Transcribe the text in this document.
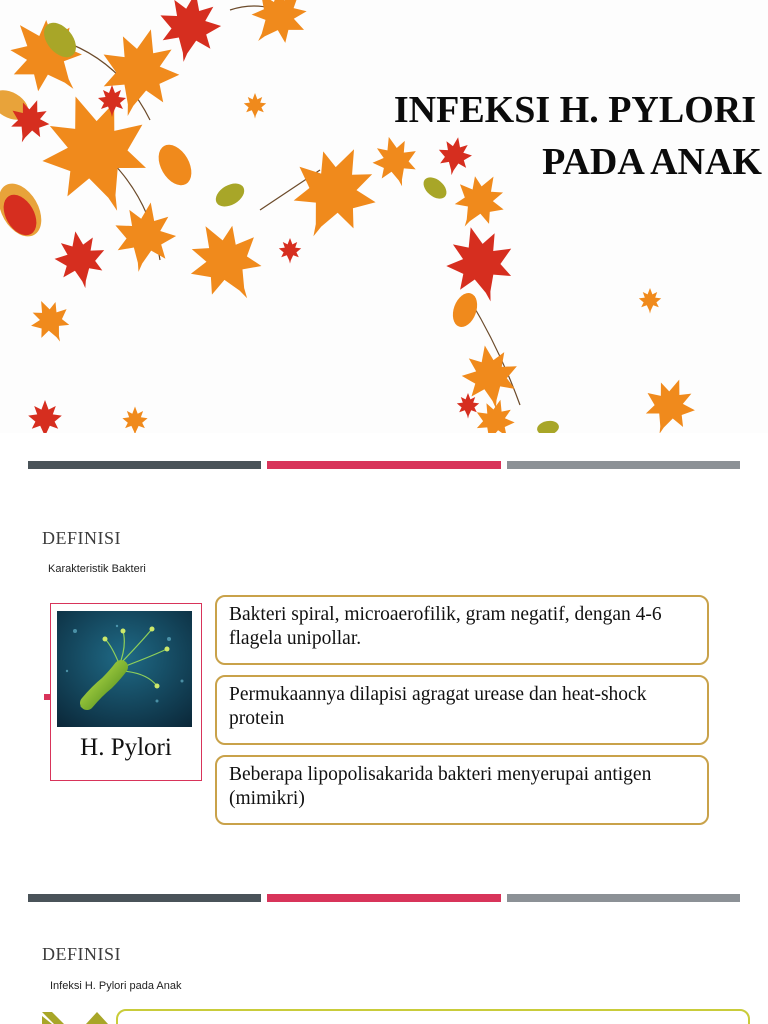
INFEKSI H. PYLORI
PADA ANAK
DEFINISI
Karakteristik Bakteri
H. Pylori
Bakteri spiral, microaerofilik, gram negatif, dengan 4-6 flagela unipollar.
Permukaannya dilapisi agragat urease dan heat-shock protein
Beberapa lipopolisakarida bakteri menyerupai antigen (mimikri)
DEFINISI
Infeksi H. Pylori pada Anak
